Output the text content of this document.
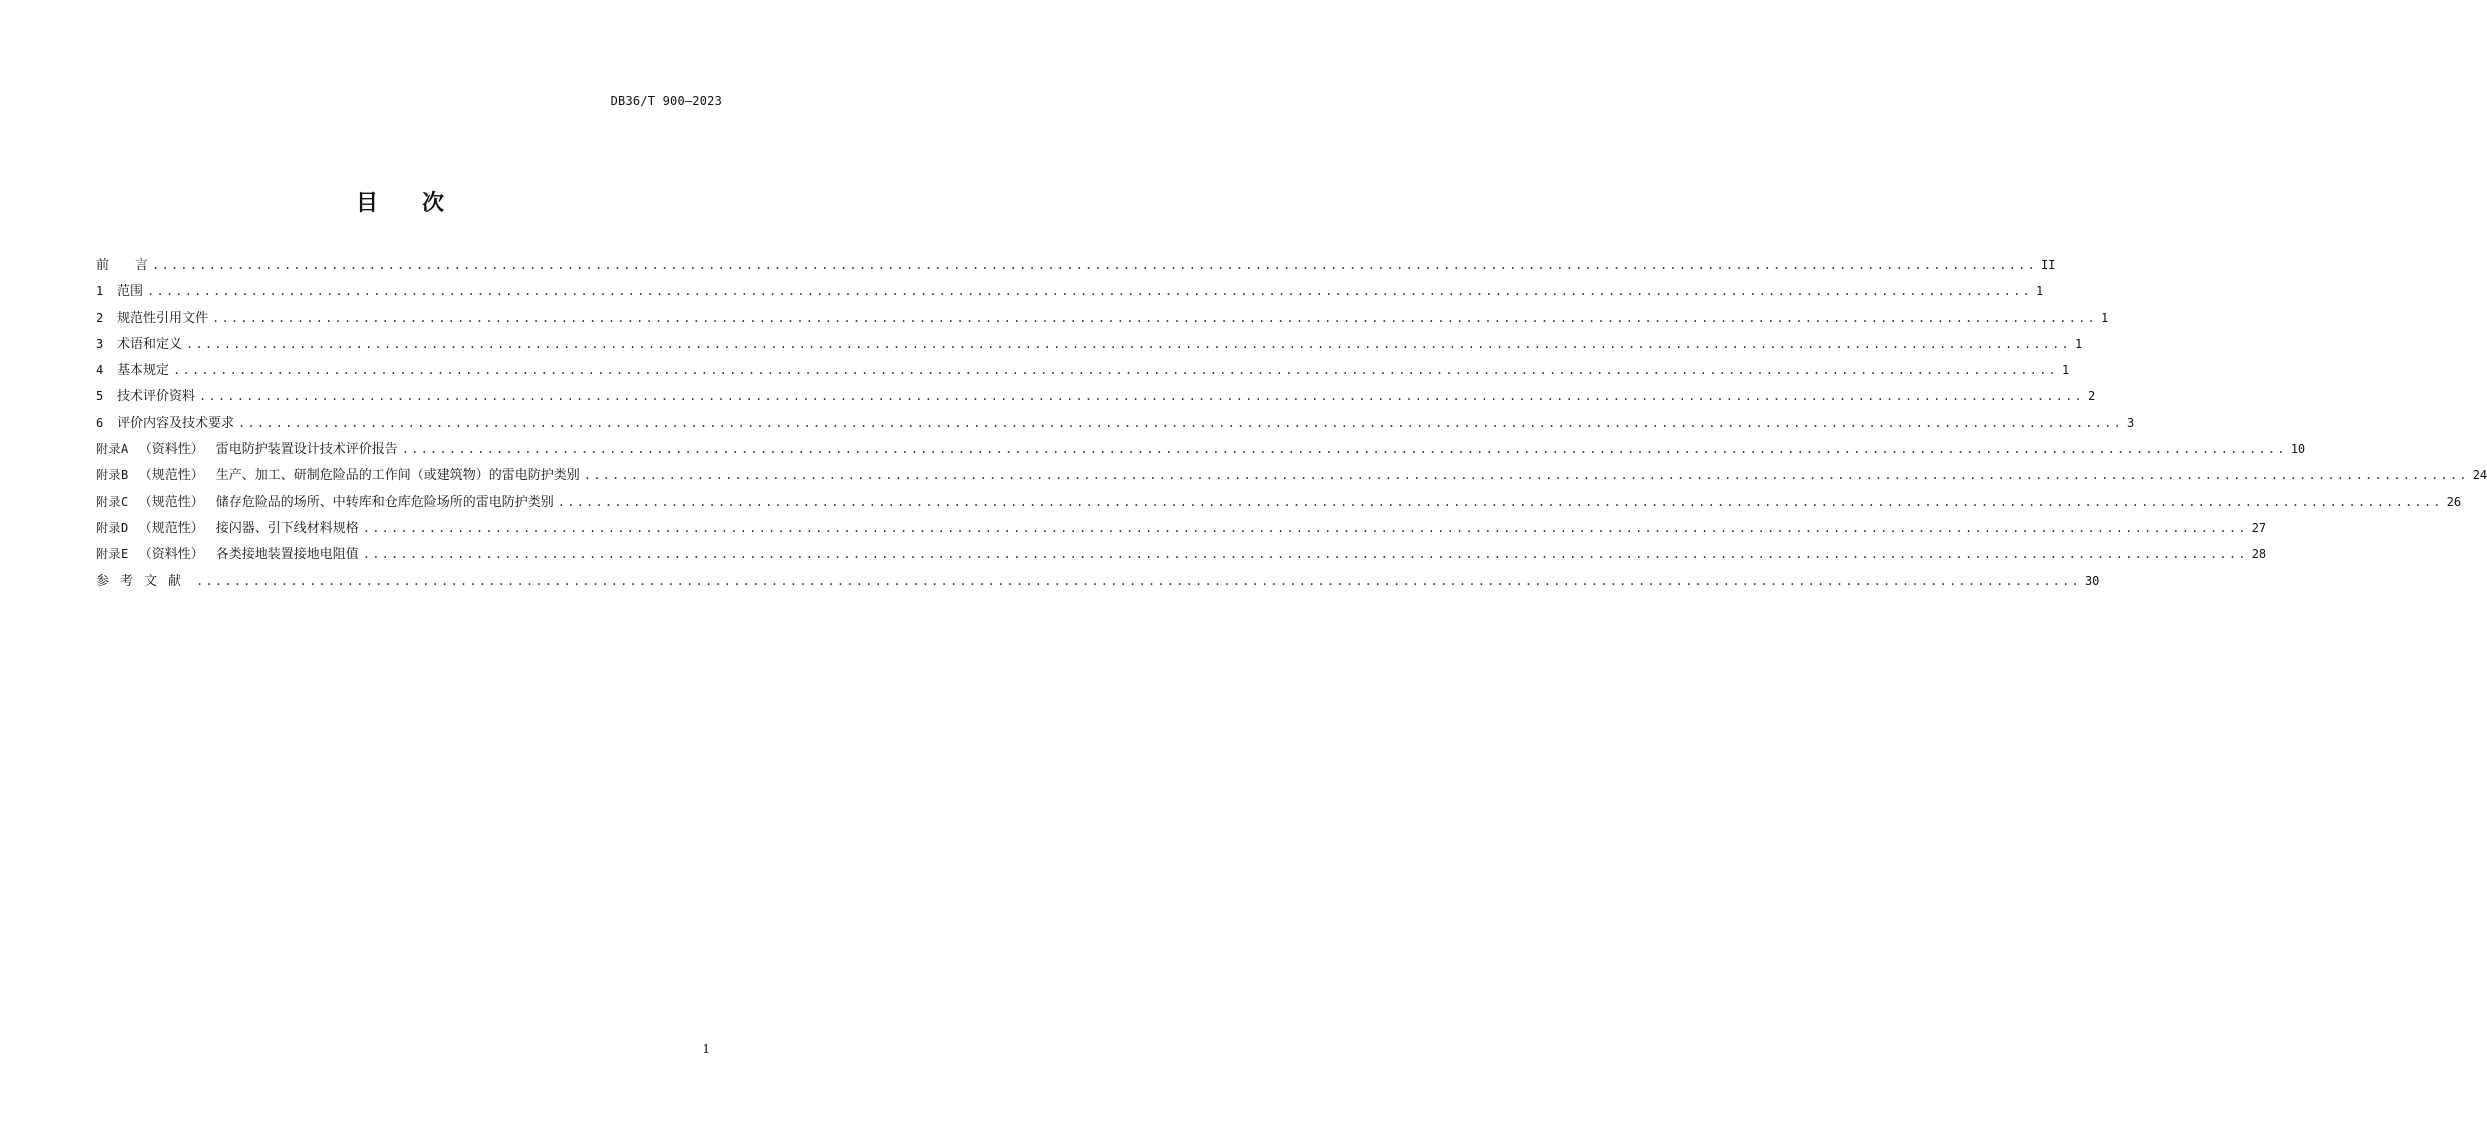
DB36/T 900—2023
目 次
前　　言 ........................................................................................................................................................................................................ II
1	范围 ........................................................................................................................................................................................................ 1
2	规范性引用文件 ........................................................................................................................................................................................................ 1
3	术语和定义 ........................................................................................................................................................................................................ 1
4	基本规定 ........................................................................................................................................................................................................ 1
5	技术评价资料 ........................................................................................................................................................................................................ 2
6	评价内容及技术要求 ........................................................................................................................................................................................................ 3
附录A （资料性） 雷电防护装置设计技术评价报告 ........................................................................................................................................................................................................ 10
附录B （规范性） 生产、加工、研制危险品的工作间（或建筑物）的雷电防护类别 ........................................................................................................................................................................................................ 24
附录C （规范性） 储存危险品的场所、中转库和仓库危险场所的雷电防护类别 ........................................................................................................................................................................................................ 26
附录D （规范性） 接闪器、引下线材料规格 ........................................................................................................................................................................................................ 27
附录E （资料性） 各类接地装置接地电阻值 ........................................................................................................................................................................................................ 28
参考文献 ........................................................................................................................................................................................................ 30
1
